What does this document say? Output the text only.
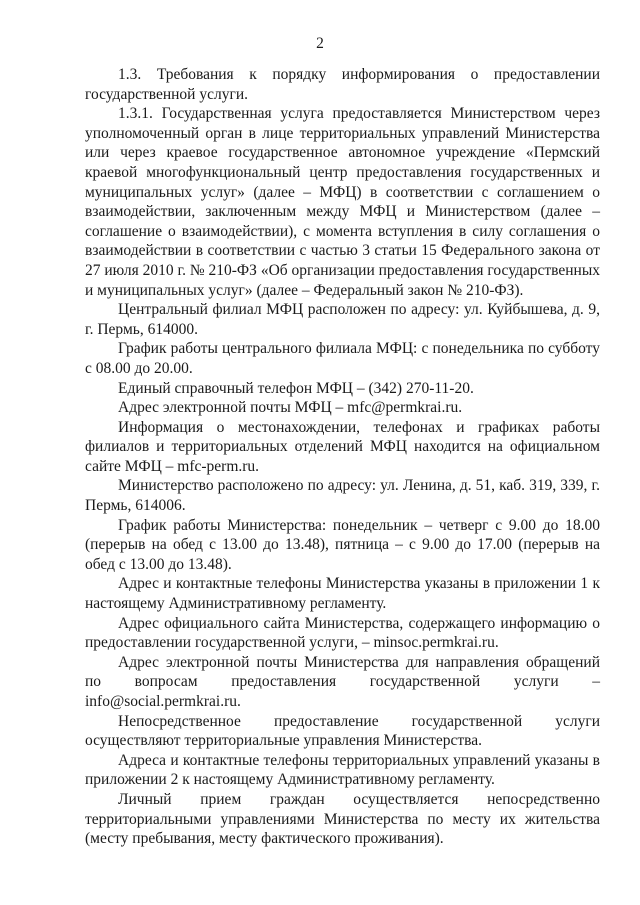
2

1.3. Требования к порядку информирования о предоставлении государственной услуги.

1.3.1. Государственная услуга предоставляется Министерством через уполномоченный орган в лице территориальных управлений Министерства или через краевое государственное автономное учреждение «Пермский краевой многофункциональный центр предоставления государственных и муниципальных услуг» (далее – МФЦ) в соответствии с соглашением о взаимодействии, заключенным между МФЦ и Министерством (далее – соглашение о взаимодействии), с момента вступления в силу соглашения о взаимодействии в соответствии с частью 3 статьи 15 Федерального закона от 27 июля 2010 г. № 210-ФЗ «Об организации предоставления государственных и муниципальных услуг» (далее – Федеральный закон № 210-ФЗ).

Центральный филиал МФЦ расположен по адресу: ул. Куйбышева, д. 9, г. Пермь, 614000.

График работы центрального филиала МФЦ: с понедельника по субботу с 08.00 до 20.00.

Единый справочный телефон МФЦ – (342) 270-11-20.

Адрес электронной почты МФЦ – mfc@permkrai.ru.

Информация о местонахождении, телефонах и графиках работы филиалов и территориальных отделений МФЦ находится на официальном сайте МФЦ – mfc-perm.ru.

Министерство расположено по адресу: ул. Ленина, д. 51, каб. 319, 339, г. Пермь, 614006.

График работы Министерства: понедельник – четверг с 9.00 до 18.00 (перерыв на обед с 13.00 до 13.48), пятница – с 9.00 до 17.00 (перерыв на обед с 13.00 до 13.48).

Адрес и контактные телефоны Министерства указаны в приложении 1 к настоящему Административному регламенту.

Адрес официального сайта Министерства, содержащего информацию о предоставлении государственной услуги, – minsoc.permkrai.ru.

Адрес электронной почты Министерства для направления обращений по вопросам предоставления государственной услуги – info@social.permkrai.ru.

Непосредственное предоставление государственной услуги осуществляют территориальные управления Министерства.

Адреса и контактные телефоны территориальных управлений указаны в приложении 2 к настоящему Административному регламенту.

Личный прием граждан осуществляется непосредственно территориальными управлениями Министерства по месту их жительства (месту пребывания, месту фактического проживания).
